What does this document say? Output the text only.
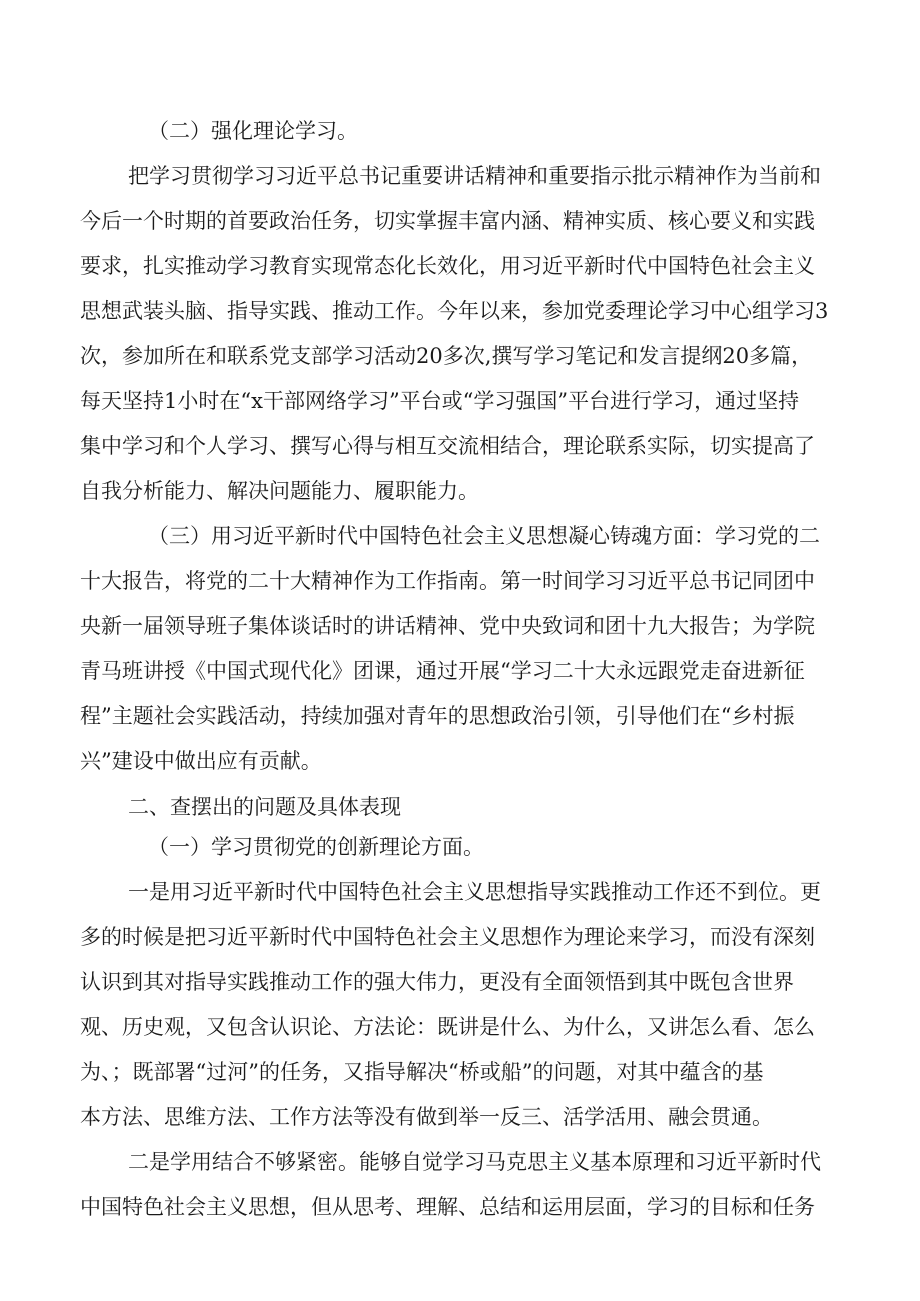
（二）强化理论学习。

把学习贯彻学习习近平总书记重要讲话精神和重要指示批示精神作为当前和

今后一个时期的首要政治任务，切实掌握丰富内涵、精神实质、核心要义和实践

要求，扎实推动学习教育实现常态化长效化，用习近平新时代中国特色社会主义

思想武装头脑、指导实践、推动工作。今年以来，参加党委理论学习中心组学习3

次，参加所在和联系党支部学习活动20多次,撰写学习笔记和发言提纲20多篇，

每天坚持1小时在“x干部网络学习”平台或“学习强国”平台进行学习，通过坚持

集中学习和个人学习、撰写心得与相互交流相结合，理论联系实际，切实提高了

自我分析能力、解决问题能力、履职能力。

（三）用习近平新时代中国特色社会主义思想凝心铸魂方面：学习党的二

十大报告，将党的二十大精神作为工作指南。第一时间学习习近平总书记同团中

央新一届领导班子集体谈话时的讲话精神、党中央致词和团十九大报告；为学院

青马班讲授《中国式现代化》团课，通过开展“学习二十大永远跟党走奋进新征

程”主题社会实践活动，持续加强对青年的思想政治引领，引导他们在“乡村振

兴”建设中做出应有贡献。

二、查摆出的问题及具体表现

（一）学习贯彻党的创新理论方面。

一是用习近平新时代中国特色社会主义思想指导实践推动工作还不到位。更

多的时候是把习近平新时代中国特色社会主义思想作为理论来学习，而没有深刻

认识到其对指导实践推动工作的强大伟力，更没有全面领悟到其中既包含世界

观、历史观，又包含认识论、方法论：既讲是什么、为什么，又讲怎么看、怎么

为、；既部署“过河”的任务，又指导解决“桥或船”的问题，对其中蕴含的基

本方法、思维方法、工作方法等没有做到举一反三、活学活用、融会贯通。

二是学用结合不够紧密。能够自觉学习马克思主义基本原理和习近平新时代

中国特色社会主义思想，但从思考、理解、总结和运用层面，学习的目标和任务
